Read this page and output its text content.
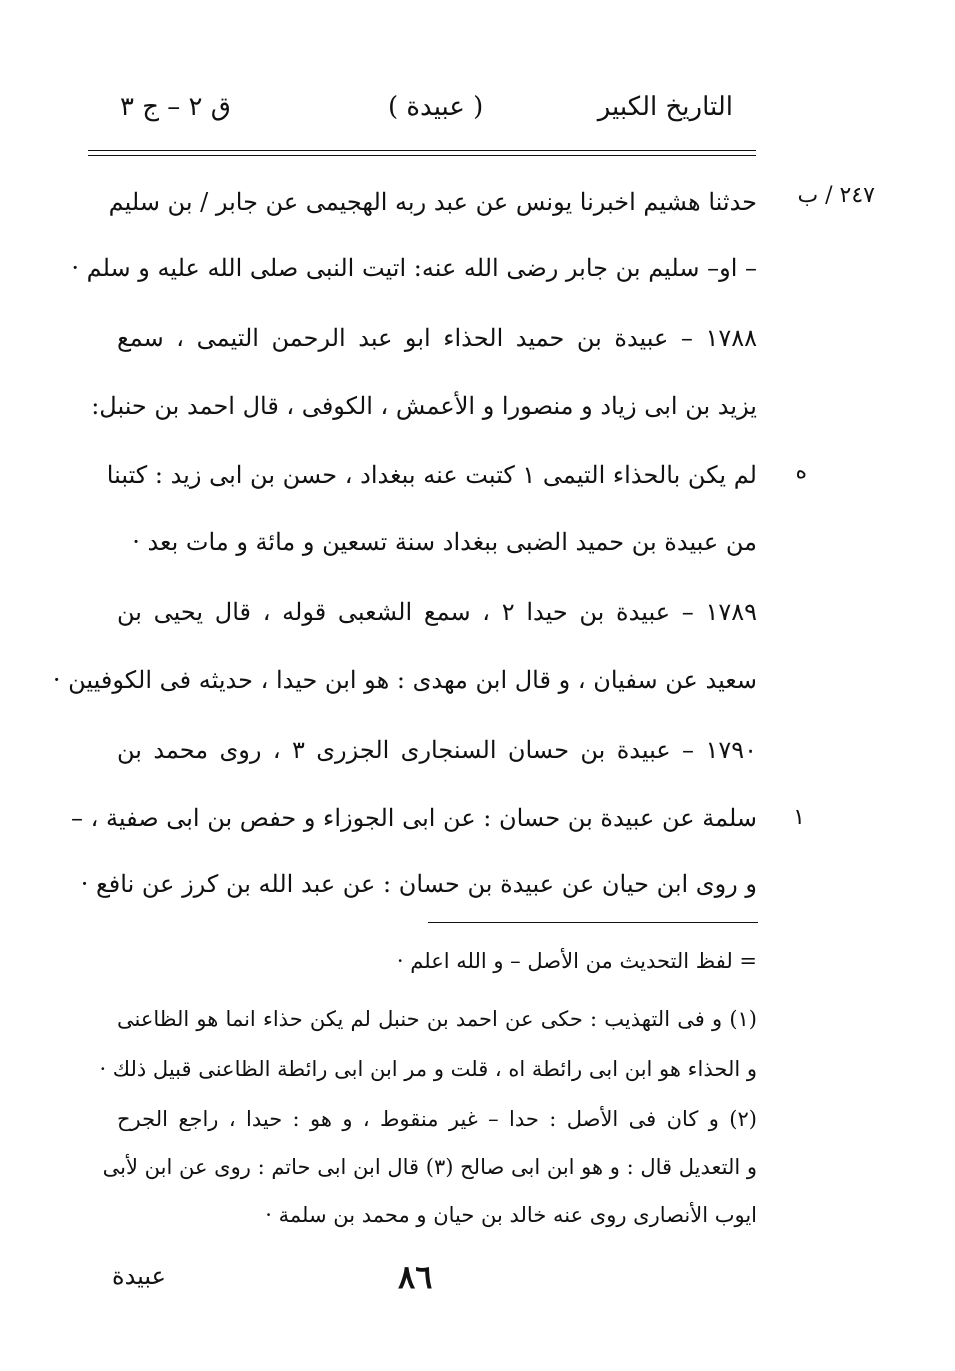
التاريخ الكبير
( عبيدة )
ق ٢ – ج ٣
٢٤٧ / ب
ه
١
حدثنا هشيم اخبرنا يونس عن عبد ربه الهجيمى عن جابر / بن سليم
– او– سليم بن جابر رضى الله عنه: اتيت النبى صلى الله عليه و سلم ·
١٧٨٨ – عبيدة بن حميد الحذاء ابو عبد الرحمن التيمى ، سمع
يزيد بن ابى زياد و منصورا و الأعمش ، الكوفى ، قال احمد بن حنبل:
لم يكن بالحذاء التيمى ١ كتبت عنه ببغداد ، حسن بن ابى زيد : كتبنا
من عبيدة بن حميد الضبى ببغداد سنة تسعين و مائة و مات بعد ·
١٧٨٩ – عبيدة بن حيدا ٢ ، سمع الشعبى قوله ، قال يحيى بن
سعيد عن سفيان ، و قال ابن مهدى : هو ابن حيدا ، حديثه فى الكوفيين ·
١٧٩٠ – عبيدة بن حسان السنجارى الجزرى ٣ ، روى محمد بن
سلمة عن عبيدة بن حسان : عن ابى الجوزاء و حفص بن ابى صفية ، –
و روى ابن حيان عن عبيدة بن حسان : عن عبد الله بن كرز عن نافع ·
= لفظ التحديث من الأصل – و الله اعلم ·
(١) و فى التهذيب : حكى عن احمد بن حنبل لم يكن حذاء انما هو الظاعنى
و الحذاء هو ابن ابى رائطة اه ، قلت و مر ابن ابى رائطة الظاعنى قبيل ذلك ·
(٢) و كان فى الأصل : حدا – غير منقوط ، و هو : حيدا ، راجع الجرح
و التعديل قال : و هو ابن ابى صالح (٣) قال ابن ابى حاتم : روى عن ابن لأبى
ايوب الأنصارى روى عنه خالد بن حيان و محمد بن سلمة ·
٨٦
عبيدة
